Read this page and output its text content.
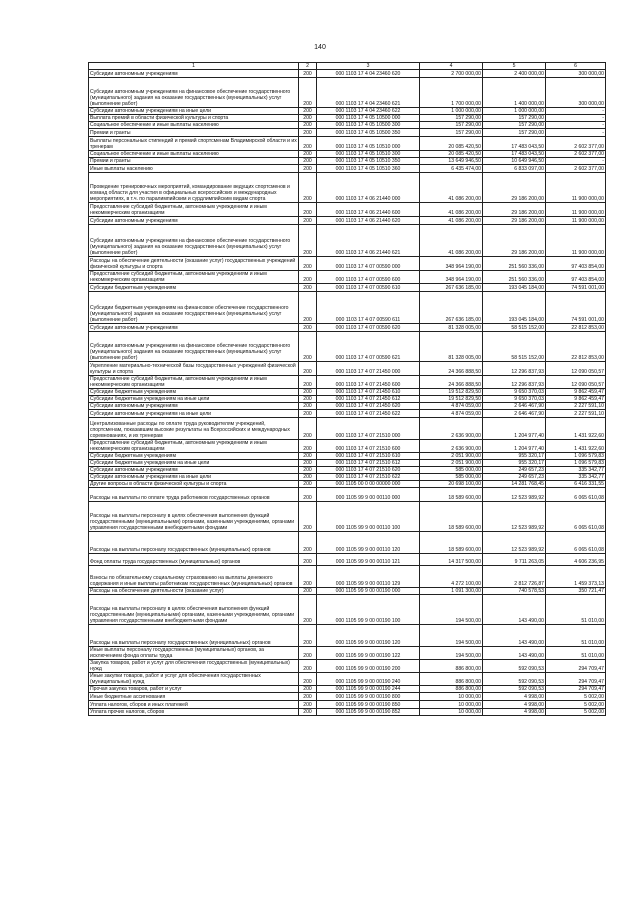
140
1	2	3	4	5	6
Субсидии автономным учреждениям	200	000 1103 17 4 04 23460 620	2 700 000,00	2 400 000,00	300 000,00
Субсидии автономным учреждениям на финансовое обеспечение государственного (муниципального) задания на оказание государственных (муниципальных) услуг (выполнение работ)	200	000 1103 17 4 04 23460 621	1 700 000,00	1 400 000,00	300 000,00
Субсидии автономным учреждениям на иные цели	200	000 1103 17 4 04 23460 622	1 000 000,00	1 000 000,00	-
Выплата премий в области физической культуры и спорта	200	000 1103 17 4 05 10500 000	157 290,00	157 290,00	-
Социальное обеспечение и иные выплаты населению	200	000 1103 17 4 05 10500 300	157 290,00	157 290,00	-
Премии и гранты	200	000 1103 17 4 05 10500 350	157 290,00	157 290,00	-
Выплаты персональных стипендий и премий спортсменам Владимирской области и их тренерам	200	000 1103 17 4 05 10510 000	20 085 420,50	17 483 043,50	2 602 377,00
Социальное обеспечение и иные выплаты населению	200	000 1103 17 4 05 10510 300	20 085 420,50	17 483 043,50	2 602 377,00
Премии и гранты	200	000 1103 17 4 05 10510 350	13 649 946,50	10 649 946,50	-
Иные выплаты населению	200	000 1103 17 4 05 10510 360	6 435 474,00	6 833 097,00	2 602 377,00
Проведение тренировочных мероприятий, командирование ведущих спортсменов и команд области для участия в официальных всероссийских и международных мероприятиях, в т.ч. по паралимпийским и сурдлимпийским видам спорта	200	000 1103 17 4 06 21440 000	41 086 200,00	29 186 200,00	11 900 000,00
Предоставление субсидий бюджетным, автономным учреждениям и иным некоммерческим организациям	200	000 1103 17 4 06 21440 600	41 086 200,00	29 186 200,00	11 900 000,00
Субсидии автономным учреждениям	200	000 1103 17 4 06 21440 620	41 086 200,00	29 186 200,00	11 900 000,00
Субсидии автономным учреждениям на финансовое обеспечение государственного (муниципального) задания на оказание государственных (муниципальных) услуг (выполнение работ)	200	000 1103 17 4 06 21440 621	41 086 200,00	29 186 200,00	11 900 000,00
Расходы на обеспечение деятельности (оказание услуг) государственных учреждений физической культуры и спорта	200	000 1103 17 4 07 00590 000	348 964 190,00	251 560 336,00	97 403 854,00
Предоставление субсидий бюджетным, автономным учреждениям и иным некоммерческим организациям	200	000 1103 17 4 07 00590 600	348 964 190,00	251 560 336,00	97 403 854,00
Субсидии бюджетным учреждениям	200	000 1103 17 4 07 00590 610	267 636 185,00	193 045 184,00	74 591 001,00
Субсидии бюджетным учреждениям на финансовое обеспечение государственного (муниципального) задания на оказание государственных (муниципальных) услуг (выполнение работ)	200	000 1103 17 4 07 00590 611	267 636 185,00	193 045 184,00	74 591 001,00
Субсидии автономным учреждениям	200	000 1103 17 4 07 00590 620	81 328 005,00	58 515 152,00	22 812 853,00
Субсидии автономным учреждениям на финансовое обеспечение государственного (муниципального) задания на оказание государственных (муниципальных) услуг (выполнение работ)	200	000 1103 17 4 07 00590 621	81 328 005,00	58 515 152,00	22 812 853,00
Укрепление материально-технической базы государственных учреждений физической культуры и спорта	200	000 1103 17 4 07 21450 000	24 366 888,50	12 296 837,93	12 090 050,57
Предоставление субсидий бюджетным, автономным учреждениям и иным некоммерческим организациям	200	000 1103 17 4 07 21450 600	24 366 888,50	12 296 837,93	12 090 050,57
Субсидии бюджетным учреждениям	200	000 1103 17 4 07 21450 610	19 512 829,50	9 650 370,03	9 862 459,47
Субсидии бюджетным учреждениям на иные цели	200	000 1103 17 4 07 21450 612	19 512 829,50	9 650 370,03	9 862 459,47
Субсидии автономным учреждениям	200	000 1103 17 4 07 21450 620	4 874 059,00	2 646 467,90	2 227 591,10
Субсидии автономным учреждениям на иные цели	200	000 1103 17 4 07 21450 622	4 874 059,00	2 646 467,90	2 227 591,10
Централизованные расходы по оплате труда руководителям учреждений, спортсменам, показавшим высокие результаты на Всероссийских и международных соревнованиях, и их тренерам	200	000 1103 17 4 07 21510 000	2 636 900,00	1 204 977,40	1 431 922,60
Предоставление субсидий бюджетным, автономным учреждениям и иным некоммерческим организациям	200	000 1103 17 4 07 21510 600	2 636 900,00	1 204 977,40	1 431 922,60
Субсидии бюджетным учреждениям	200	000 1103 17 4 07 21510 610	2 051 900,00	955 320,17	1 096 579,83
Субсидии бюджетным учреждениям на иные цели	200	000 1103 17 4 07 21510 612	2 051 900,00	955 320,17	1 096 579,83
Субсидии автономным учреждениям	200	000 1103 17 4 07 21510 620	585 000,00	249 657,23	335 342,77
Субсидии автономным учреждениям на иные цели	200	000 1103 17 4 07 21510 622	585 000,00	249 657,23	335 342,77
Другие вопросы в области физической культуры и спорта	200	000 1105 00 0 00 00000 000	20 698 100,00	14 281 768,45	6 416 331,55
Расходы на выплаты по оплате труда работников государственных органов	200	000 1105 99 9 00 00110 000	18 589 600,00	12 523 989,92	6 065 610,08
Расходы на выплаты персоналу в целях обеспечения выполнения функций государственными (муниципальными) органами, казенными учреждениями, органами управления государственными внебюджетными фондами	200	000 1105 99 9 00 00110 100	18 589 600,00	12 523 989,92	6 065 610,08
Расходы на выплаты персоналу государственных (муниципальных) органов	200	000 1105 99 9 00 00110 120	18 589 600,00	12 523 989,92	6 065 610,08
Фонд оплаты труда государственных (муниципальных) органов	200	000 1105 99 9 00 00110 121	14 317 500,00	9 711 263,05	4 606 236,95
Взносы по обязательному социальному страхованию на выплаты денежного содержания и иные выплаты работникам государственных (муниципальных) органов	200	000 1105 99 9 00 00110 129	4 272 100,00	2 812 726,87	1 459 373,13
Расходы на обеспечение деятельности (оказание услуг)	200	000 1105 99 9 00 00190 000	1 091 300,00	740 578,53	350 721,47
Расходы на выплаты персоналу в целях обеспечения выполнения функций государственными (муниципальными) органами, казенными учреждениями, органами управления государственными внебюджетными фондами	200	000 1105 99 9 00 00190 100	194 500,00	143 490,00	51 010,00
Расходы на выплаты персоналу государственных (муниципальных) органов	200	000 1105 99 9 00 00190 120	194 500,00	143 490,00	51 010,00
Иные выплаты персоналу государственных (муниципальных) органов, за исключением фонда оплаты труда	200	000 1105 99 9 00 00190 122	194 500,00	143 490,00	51 010,00
Закупка товаров, работ и услуг для обеспечения государственных (муниципальных) нужд	200	000 1105 99 9 00 00190 200	886 800,00	592 090,53	294 709,47
Иные закупки товаров, работ и услуг для обеспечения государственных (муниципальных) нужд	200	000 1105 99 9 00 00190 240	886 800,00	592 090,53	294 709,47
Прочая закупка товаров, работ и услуг	200	000 1105 99 9 00 00190 244	886 800,00	592 090,53	294 709,47
Иные бюджетные ассигнования	200	000 1105 99 9 00 00190 800	10 000,00	4 998,00	5 002,00
Уплата налогов, сборов и иных платежей	200	000 1105 99 9 00 00190 850	10 000,00	4 998,00	5 002,00
Уплата прочих налогов, сборов	200	000 1105 99 9 00 00190 852	10 000,00	4 998,00	5 002,00
